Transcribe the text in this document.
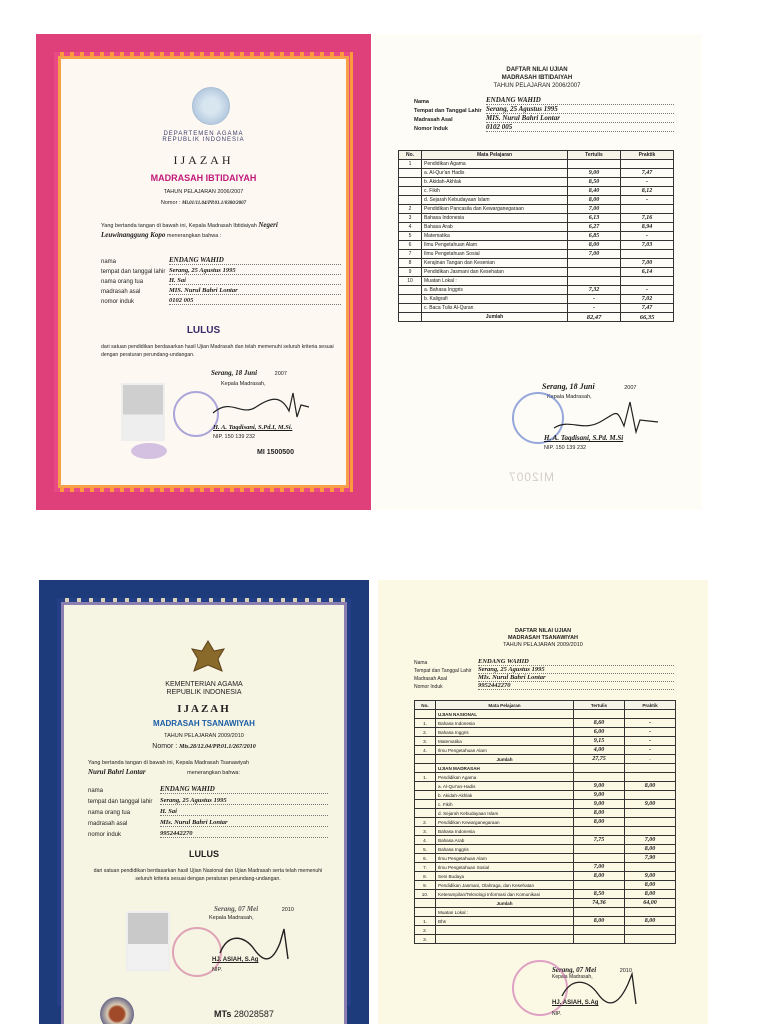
DEPARTEMEN AGAMA
REPUBLIK INDONESIA
IJAZAH
MADRASAH IBTIDAIYAH
TAHUN PELAJARAN 2006/2007
Nomor : Mi.01/11.04/PP.01.1/0300/2007
Yang bertanda tangan di bawah ini, Kepala Madrasah Ibtidaiyah Negeri
Leuwinanggung Kopo menerangkan bahwa :
nama	ENDANG WAHID
tempat dan tanggal lahir Serang, 25 Agustus 1995
nama orang tua	H. Sai
madrasah asal	MIS. Nurul Bahri Lontar
nomor induk	0102 005
LULUS
dari satuan pendidikan berdasarkan hasil Ujian Madrasah dan telah memenuhi seluruh kriteria sesuai dengan peraturan perundang-undangan.
Serang, 18 Juni	2007
Kepala Madrasah,
H. A. Taqdisani, S.Pd.I, M.Si.
NIP. 150 139 232
MI 1500500
DAFTAR NILAI UJIAN
MADRASAH IBTIDAIYAH
TAHUN PELAJARAN 2006/2007
Nama	ENDANG WAHID
Tempat dan Tanggal Lahir Serang, 25 Agustus 1995
Madrasah Asal	MIS. Nurul Bahri Lontar
Nomor Induk	0102 005
No.	Mata Pelajaran	Tertulis	Praktik
1	Pendidikan Agama		
	a. Al-Qur'an Hadis	9,00	7,47
	b. Akidah-Akhlak	8,50	-
	c. Fikih	8,40	8,12
	d. Sejarah Kebudayaan Islam	8,00	-
2	Pendidikan Pancasila dan Kewarganegaraan	7,00	
3	Bahasa Indonesia	6,13	7,16
4	Bahasa Arab	6,27	8,94
5	Matematika	6,85	-
6	Ilmu Pengetahuan Alam	8,00	7,03
7	Ilmu Pengetahuan Sosial	7,00	
8	Kerajinan Tangan dan Kesenian		7,00
9	Pendidikan Jasmani dan Kesehatan		6,14
10	Muatan Lokal :		
	a. Bahasa Inggris	7,32	-
	b. Kaligrafi	-	7,02
	c. Baca Tulis Al-Quran	-	7,47
	Jumlah	82,47	66,35
Serang, 18 Juni	2007
Kepala Madrasah,
H. A. Taqdisani, S.Pd. M.Si
NIP. 150 139 232
MI2007
KEMENTERIAN AGAMA
REPUBLIK INDONESIA
IJAZAH
MADRASAH TSANAWIYAH
TAHUN PELAJARAN 2009/2010
Nomor : Mts.28/12.04/PP.01.1/267/2010
Yang bertanda tangan di bawah ini, Kepala Madrasah Tsanawiyah
Nurul Bahri Lontar	menerangkan bahwa:
nama	ENDANG WAHID
tempat dan tanggal lahir	Serang, 25 Agustus 1995
nama orang tua	H. Sai
madrasah asal	MIs. Nurul Bahri Lontar
nomor induk	9952442270
LULUS
dari satuan pendidikan berdasarkan hasil Ujian Nasional dan Ujian Madrasah serta telah memenuhi seluruh kriteria sesuai dengan peraturan perundang-undangan.
Serang, 07 Mei	2010
Kepala Madrasah,
HJ. ASIAH, S.Ag
NIP.
MTs 28028587
DAFTAR NILAI UJIAN
MADRASAH TSANAWIYAH
TAHUN PELAJARAN 2009/2010
Nama	ENDANG WAHID
Tempat dan Tanggal Lahir	Serang, 25 Agustus 1995
Madrasah Asal	MIs. Nurul Bahri Lontar
Nomor Induk	9952442270
No.	Mata Pelajaran	Tertulis	Praktik
	UJIAN NASIONAL		
1.	Bahasa Indonesia	8,60	-
2.	Bahasa Inggris	6,00	-
3.	Matematika	9,15	-
4.	Ilmu Pengetahuan Alam	4,00	-
	Jumlah	27,75	-
	UJIAN MADRASAH		
1.	Pendidikan Agama		
	a. Al-Qur'an-Hadis	9,00	8,00
	b. Akidah-Akhlak	9,00	
	c. Fikih	9,00	9,00
	d. Sejarah Kebudayaan Islam	8,00	
2.	Pendidikan Kewarganegaraan	8,00	
3.	Bahasa Indonesia		
4.	Bahasa Arab	7,75	7,00
5.	Bahasa Inggris		8,00
6.	Ilmu Pengetahuan Alam		7,90
7.	Ilmu Pengetahuan Sosial	7,00	
8.	Seni Budaya	8,00	9,00
9.	Pendidikan Jasmani, Olahraga, dan Kesehatan		8,00
10.	Keterampilan/Teknologi Informasi dan Komunikasi	8,50	8,00
	Jumlah	74,36	64,00
	Muatan Lokal :		
1.	Bhs	8,00	8,00
2.			
3.			
Serang, 07 Mei	2010
Kepala Madrasah,
HJ. ASIAH, S.Ag
NIP.
